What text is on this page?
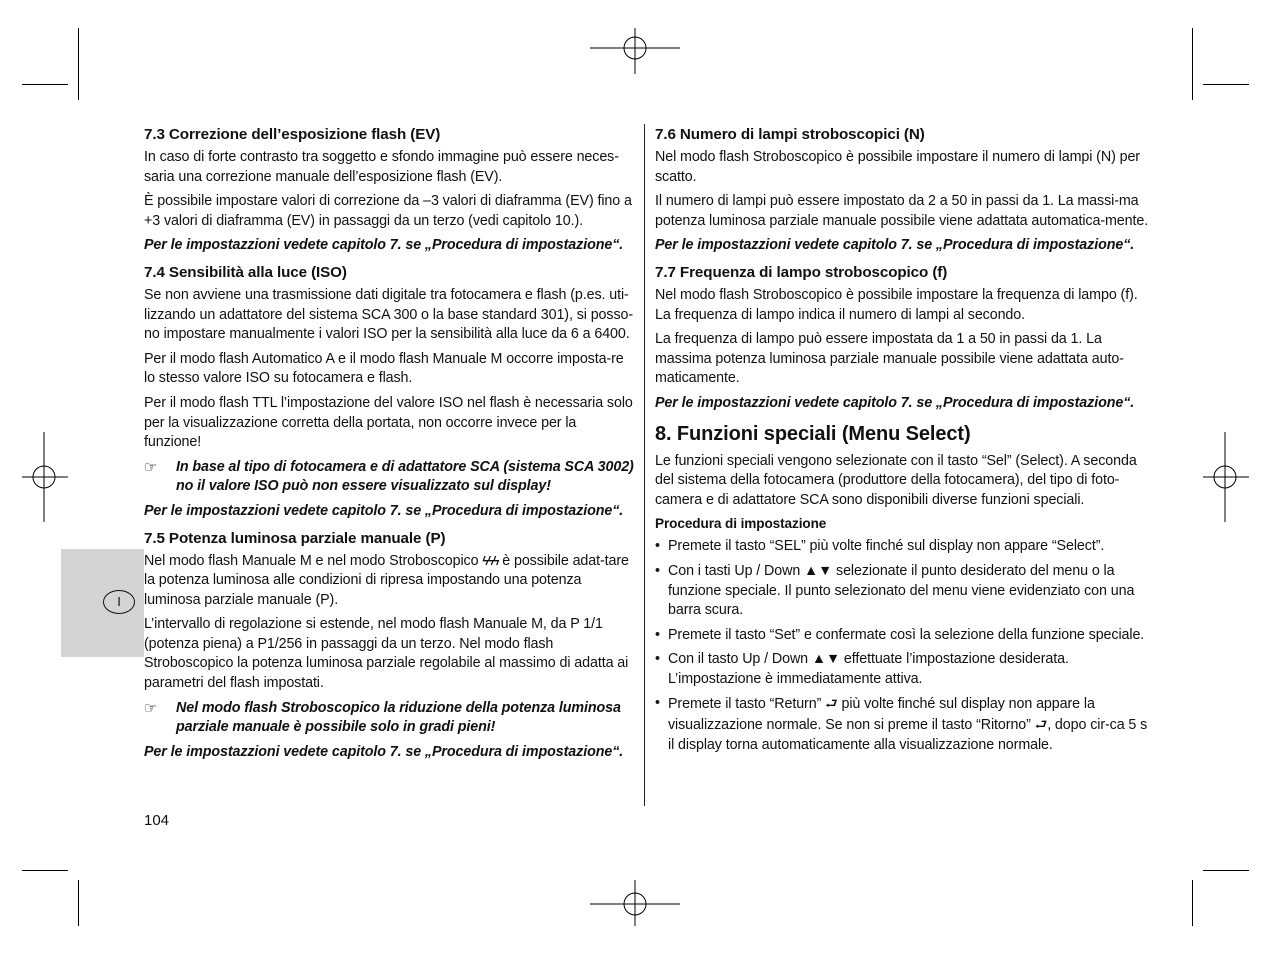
I
7.3 Correzione dell’esposizione flash (EV)

In caso di forte contrasto tra soggetto e sfondo immagine può essere neces-saria una correzione manuale dell’esposizione flash (EV).

È possibile impostare valori di correzione da –3 valori di diaframma (EV) fino a +3 valori di diaframma (EV) in passaggi da un terzo (vedi capitolo 10.).

Per le impostazzioni vedete capitolo 7. se „Procedura di impostazione“.

7.4 Sensibilità alla luce (ISO)

Se non avviene una trasmissione dati digitale tra fotocamera e flash (p.es. uti-lizzando un adattatore del sistema SCA 300 o la base standard 301), si posso-no impostare manualmente i valori ISO per la sensibilità alla luce da 6 a 6400.

Per il modo flash Automatico A e il modo flash Manuale M occorre imposta-re lo stesso valore ISO su fotocamera e flash.

Per il modo flash TTL l’impostazione del valore ISO nel flash è necessaria solo per la visualizzazione corretta della portata, non occorre invece per la funzione!

☞	In base al tipo di fotocamera e di adattatore SCA (sistema SCA 3002) no il valore ISO può non essere visualizzato sul display!

Per le impostazzioni vedete capitolo 7. se „Procedura di impostazione“.

7.5 Potenza luminosa parziale manuale (P)

Nel modo flash Manuale M e nel modo Stroboscopico ϟϟϟ è possibile adat-tare la potenza luminosa alle condizioni di ripresa impostando una potenza luminosa parziale manuale (P).

L’intervallo di regolazione si estende, nel modo flash Manuale M, da P 1/1 (potenza piena) a P1/256 in passaggi da un terzo. Nel modo flash Stroboscopico la potenza luminosa parziale regolabile al massimo di adatta ai parametri del flash impostati.

☞	Nel modo flash Stroboscopico la riduzione della potenza luminosa parziale manuale è possibile solo in gradi pieni!

Per le impostazzioni vedete capitolo 7. se „Procedura di impostazione“.

7.6 Numero di lampi stroboscopici (N)

Nel modo flash Stroboscopico è possibile impostare il numero di lampi (N) per scatto.

Il numero di lampi può essere impostato da 2 a 50 in passi da 1. La massi-ma potenza luminosa parziale manuale possibile viene adattata automatica-mente.

Per le impostazzioni vedete capitolo 7. se „Procedura di impostazione“.

7.7 Frequenza di lampo stroboscopico (f)

Nel modo flash Stroboscopico è possibile impostare la frequenza di lampo (f). La frequenza di lampo indica il numero di lampi al secondo.

La frequenza di lampo può essere impostata da 1 a 50 in passi da 1. La massima potenza luminosa parziale manuale possibile viene adattata auto-maticamente.

Per le impostazzioni vedete capitolo 7. se „Procedura di impostazione“.

8. Funzioni speciali (Menu Select)

Le funzioni speciali vengono selezionate con il tasto “Sel” (Select). A seconda del sistema della fotocamera (produttore della fotocamera), del tipo di foto-camera e di adattatore SCA sono disponibili diverse funzioni speciali.

Procedura di impostazione
• Premete il tasto “SEL” più volte finché sul display non appare “Select”.
• Con i tasti Up / Down ▲▼ selezionate il punto desiderato del menu o la funzione speciale. Il punto selezionato del menu viene evidenziato con una barra scura.
• Premete il tasto “Set” e confermate così la selezione della funzione speciale.
• Con il tasto Up / Down ▲▼ effettuate l’impostazione desiderata. L’impostazione è immediatamente attiva.
• Premete il tasto “Return” ⮐ più volte finché sul display non appare la visualizzazione normale. Se non si preme il tasto “Ritorno” ⮐, dopo cir-ca 5 s il display torna automaticamente alla visualizzazione normale.
104
